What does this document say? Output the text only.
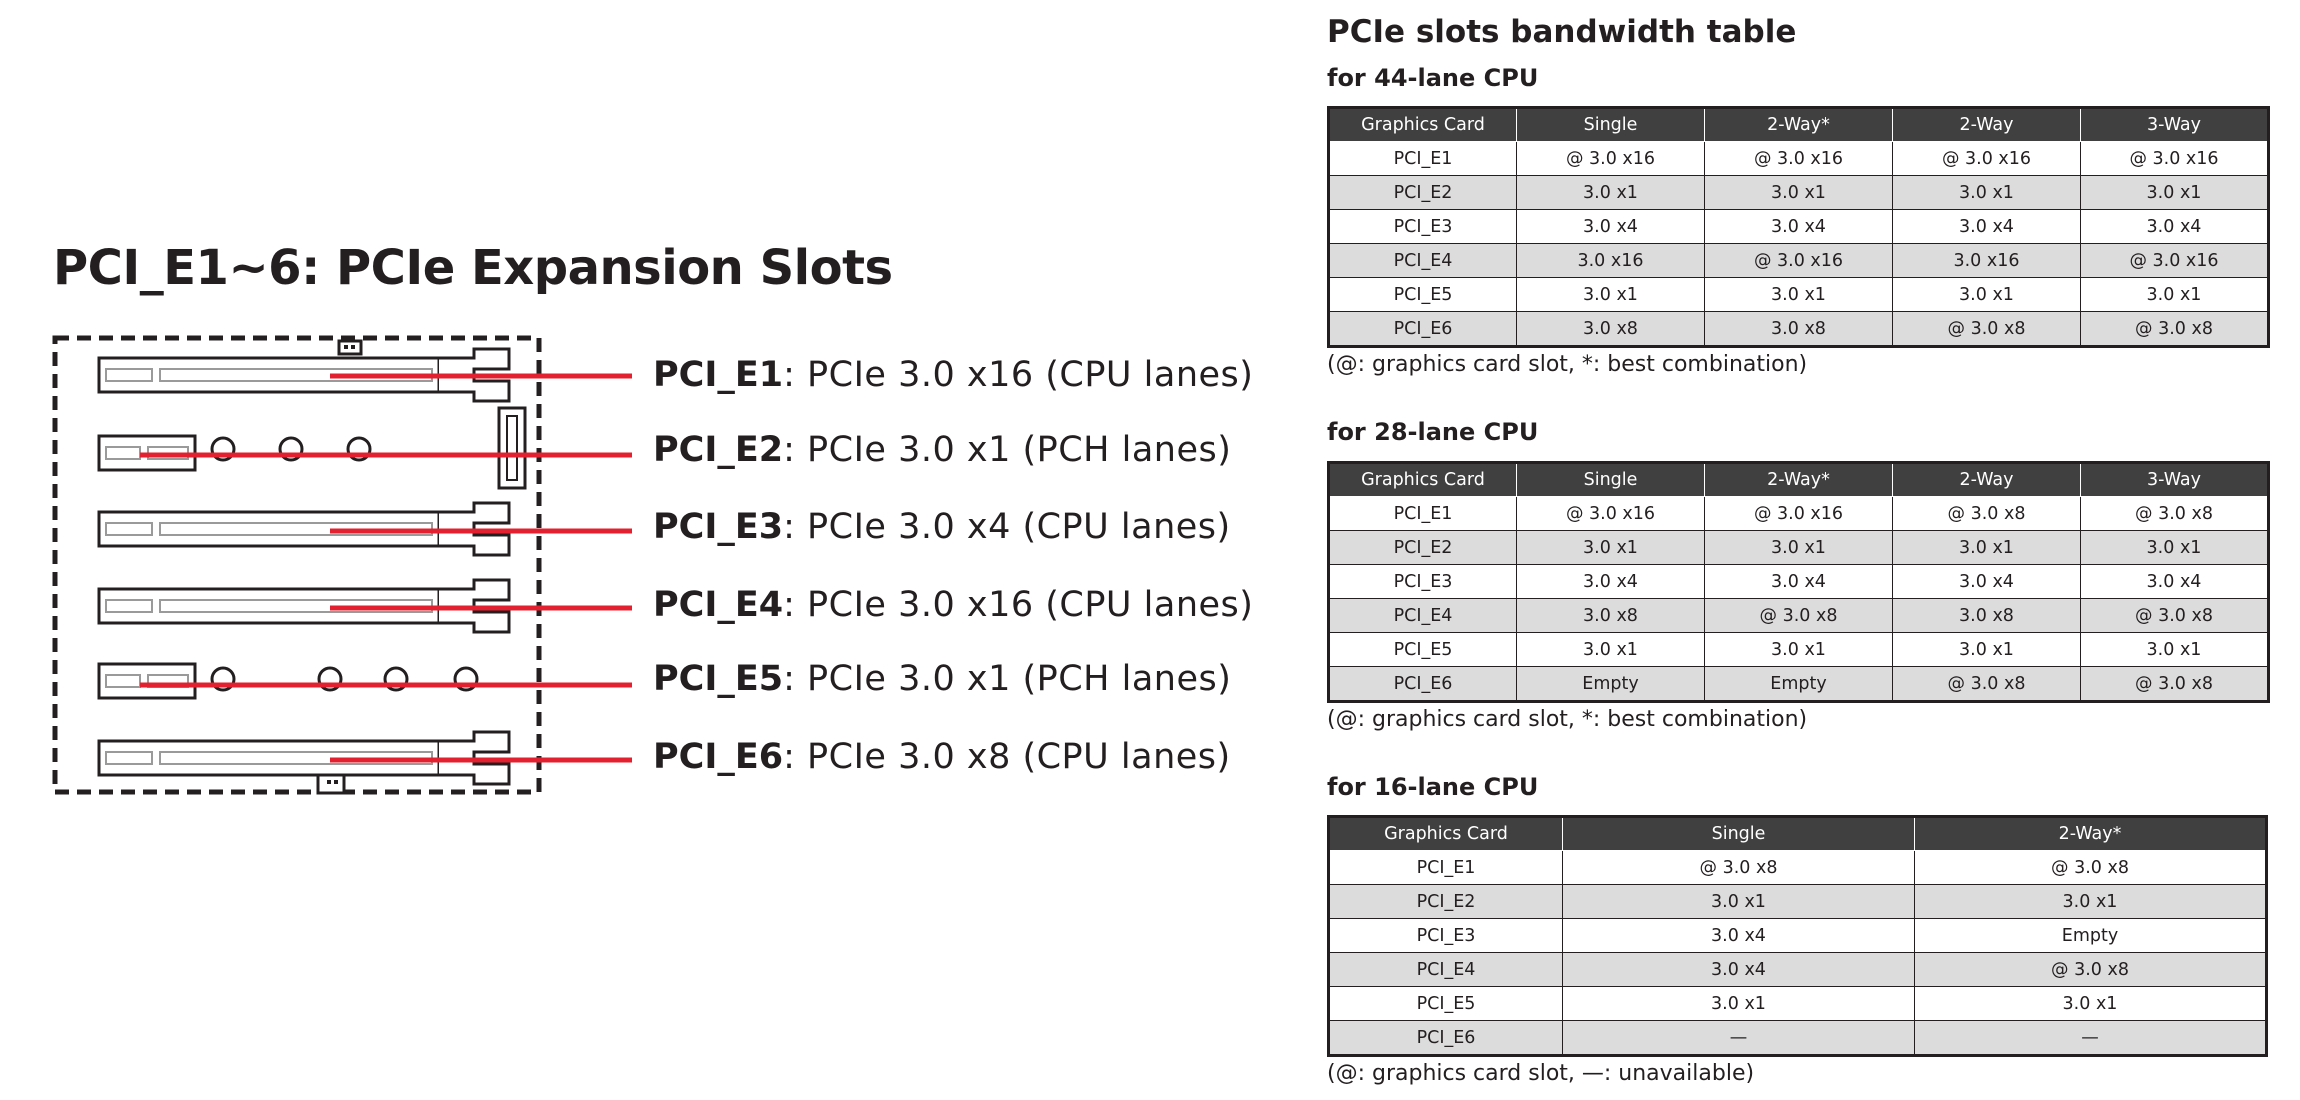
PCI_E1~6: PCIe Expansion Slots
PCI_E1: PCIe 3.0 x16 (CPU lanes)
PCI_E2: PCIe 3.0 x1 (PCH lanes)
PCI_E3: PCIe 3.0 x4 (CPU lanes)
PCI_E4: PCIe 3.0 x16 (CPU lanes)
PCI_E5: PCIe 3.0 x1 (PCH lanes)
PCI_E6: PCIe 3.0 x8 (CPU lanes)
PCIe slots bandwidth table
for 44-lane CPU
Graphics Card	Single	2-Way*	2-Way	3-Way
PCI_E1	@ 3.0 x16	@ 3.0 x16	@ 3.0 x16	@ 3.0 x16
PCI_E2	3.0 x1	3.0 x1	3.0 x1	3.0 x1
PCI_E3	3.0 x4	3.0 x4	3.0 x4	3.0 x4
PCI_E4	3.0 x16	@ 3.0 x16	3.0 x16	@ 3.0 x16
PCI_E5	3.0 x1	3.0 x1	3.0 x1	3.0 x1
PCI_E6	3.0 x8	3.0 x8	@ 3.0 x8	@ 3.0 x8
(@: graphics card slot, *: best combination)
for 28-lane CPU
Graphics Card	Single	2-Way*	2-Way	3-Way
PCI_E1	@ 3.0 x16	@ 3.0 x16	@ 3.0 x8	@ 3.0 x8
PCI_E2	3.0 x1	3.0 x1	3.0 x1	3.0 x1
PCI_E3	3.0 x4	3.0 x4	3.0 x4	3.0 x4
PCI_E4	3.0 x8	@ 3.0 x8	3.0 x8	@ 3.0 x8
PCI_E5	3.0 x1	3.0 x1	3.0 x1	3.0 x1
PCI_E6	Empty	Empty	@ 3.0 x8	@ 3.0 x8
(@: graphics card slot, *: best combination)
for 16-lane CPU
Graphics Card	Single	2-Way*
PCI_E1	@ 3.0 x8	@ 3.0 x8
PCI_E2	3.0 x1	3.0 x1
PCI_E3	3.0 x4	Empty
PCI_E4	3.0 x4	@ 3.0 x8
PCI_E5	3.0 x1	3.0 x1
PCI_E6	—	—
(@: graphics card slot, —: unavailable)
